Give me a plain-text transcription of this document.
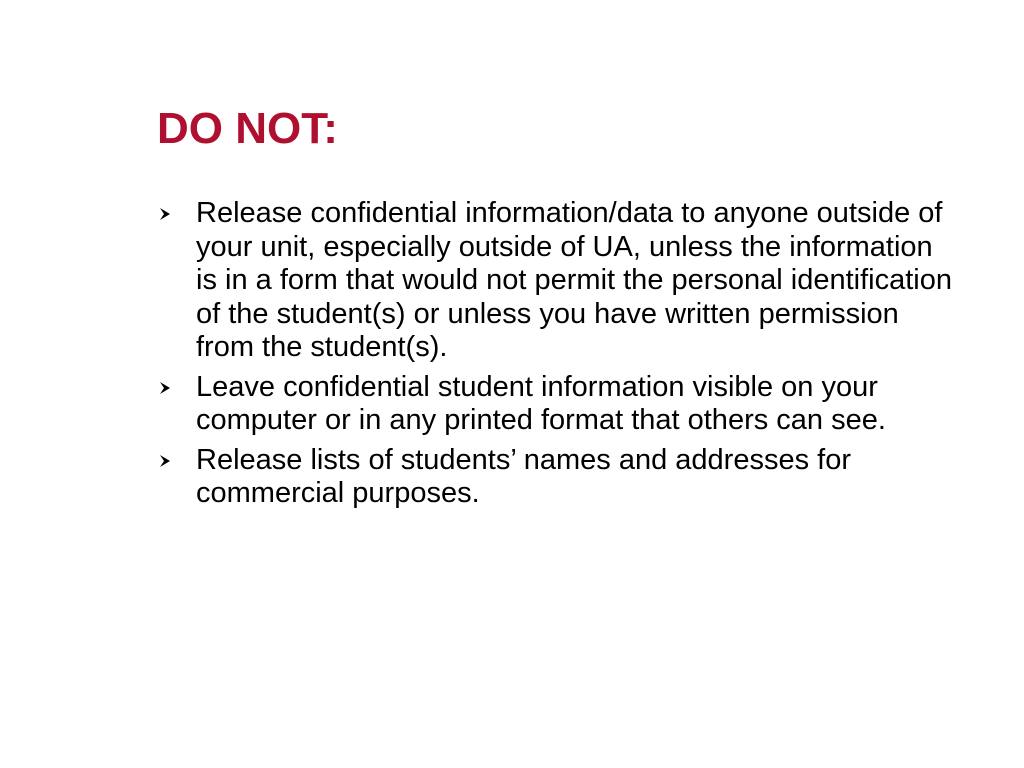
DO NOT:
Release confidential information/data to anyone outside of your unit, especially outside of UA, unless the information is in a form that would not permit the personal identification of the student(s) or unless you have written permission from the student(s).
Leave confidential student information visible on your computer or in any printed format that others can see.
Release lists of students’ names and addresses for commercial purposes.
